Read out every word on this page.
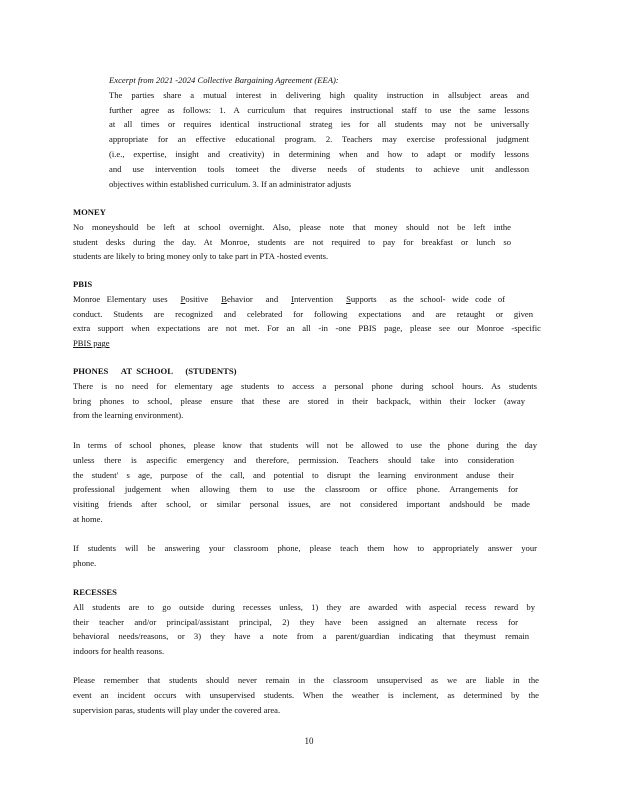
Excerpt from 2021 -2024 Collective Bargaining Agreement (EEA):
The parties share a mutual interest in delivering high quality instruction in allsubject areas and
further agree as follows: 1. A curriculum that requires instructional staff to use the same lessons
at all times or requires identical instructional strateg ies for all students may not be universally
appropriate for an effective educational program. 2. Teachers may exercise professional judgment
(i.e., expertise, insight and creativity) in determining when and how to adapt or modify lessons
and use intervention tools tomeet the diverse needs of students to achieve unit andlesson
objectives within established curriculum. 3. If an administrator adjusts
MONEY
No moneyshould be left at school overnight. Also, please note that money should not be left inthe
student desks during the day. At Monroe, students are not required to pay for breakfast or lunch so
students are likely to bring money only to take part in PTA -hosted events.
PBIS
Monroe Elementary uses Positive Behavior and Intervention Supports as the school- wide code of
conduct. Students are recognized and celebrated for following expectations and are retaught or given
extra support when expectations are not met. For an all -in -one PBIS page, please see our Monroe -specific
PBIS page
PHONES      AT  SCHOOL      (STUDENTS)
There is no need for elementary age students to access a personal phone during school hours. As students
bring phones to school, please ensure that these are stored in their backpack, within their locker (away
from the learning environment).
In terms of school phones, please know that students will not be allowed to use the phone during the day
unless there is aspecific emergency and therefore, permission. Teachers should take into consideration
the student' s age, purpose of the call, and potential to disrupt the learning environment anduse their
professional judgement when allowing them to use the classroom or office phone. Arrangements for
visiting friends after school, or similar personal issues, are not considered important andshould be made
at home.
If students will be answering your classroom phone, please teach them how to appropriately answer your
phone.
RECESSES
All students are to go outside during recesses unless, 1) they are awarded with aspecial recess reward by
their teacher and/or principal/assistant principal, 2) they have been assigned an alternate recess for
behavioral needs/reasons, or 3) they have a note from a parent/guardian indicating that theymust remain
indoors for health reasons.
Please remember that students should never remain in the classroom unsupervised as we are liable in the
event an incident occurs with unsupervised students. When the weather is inclement, as determined by the
supervision paras, students will play under the covered area.
10
